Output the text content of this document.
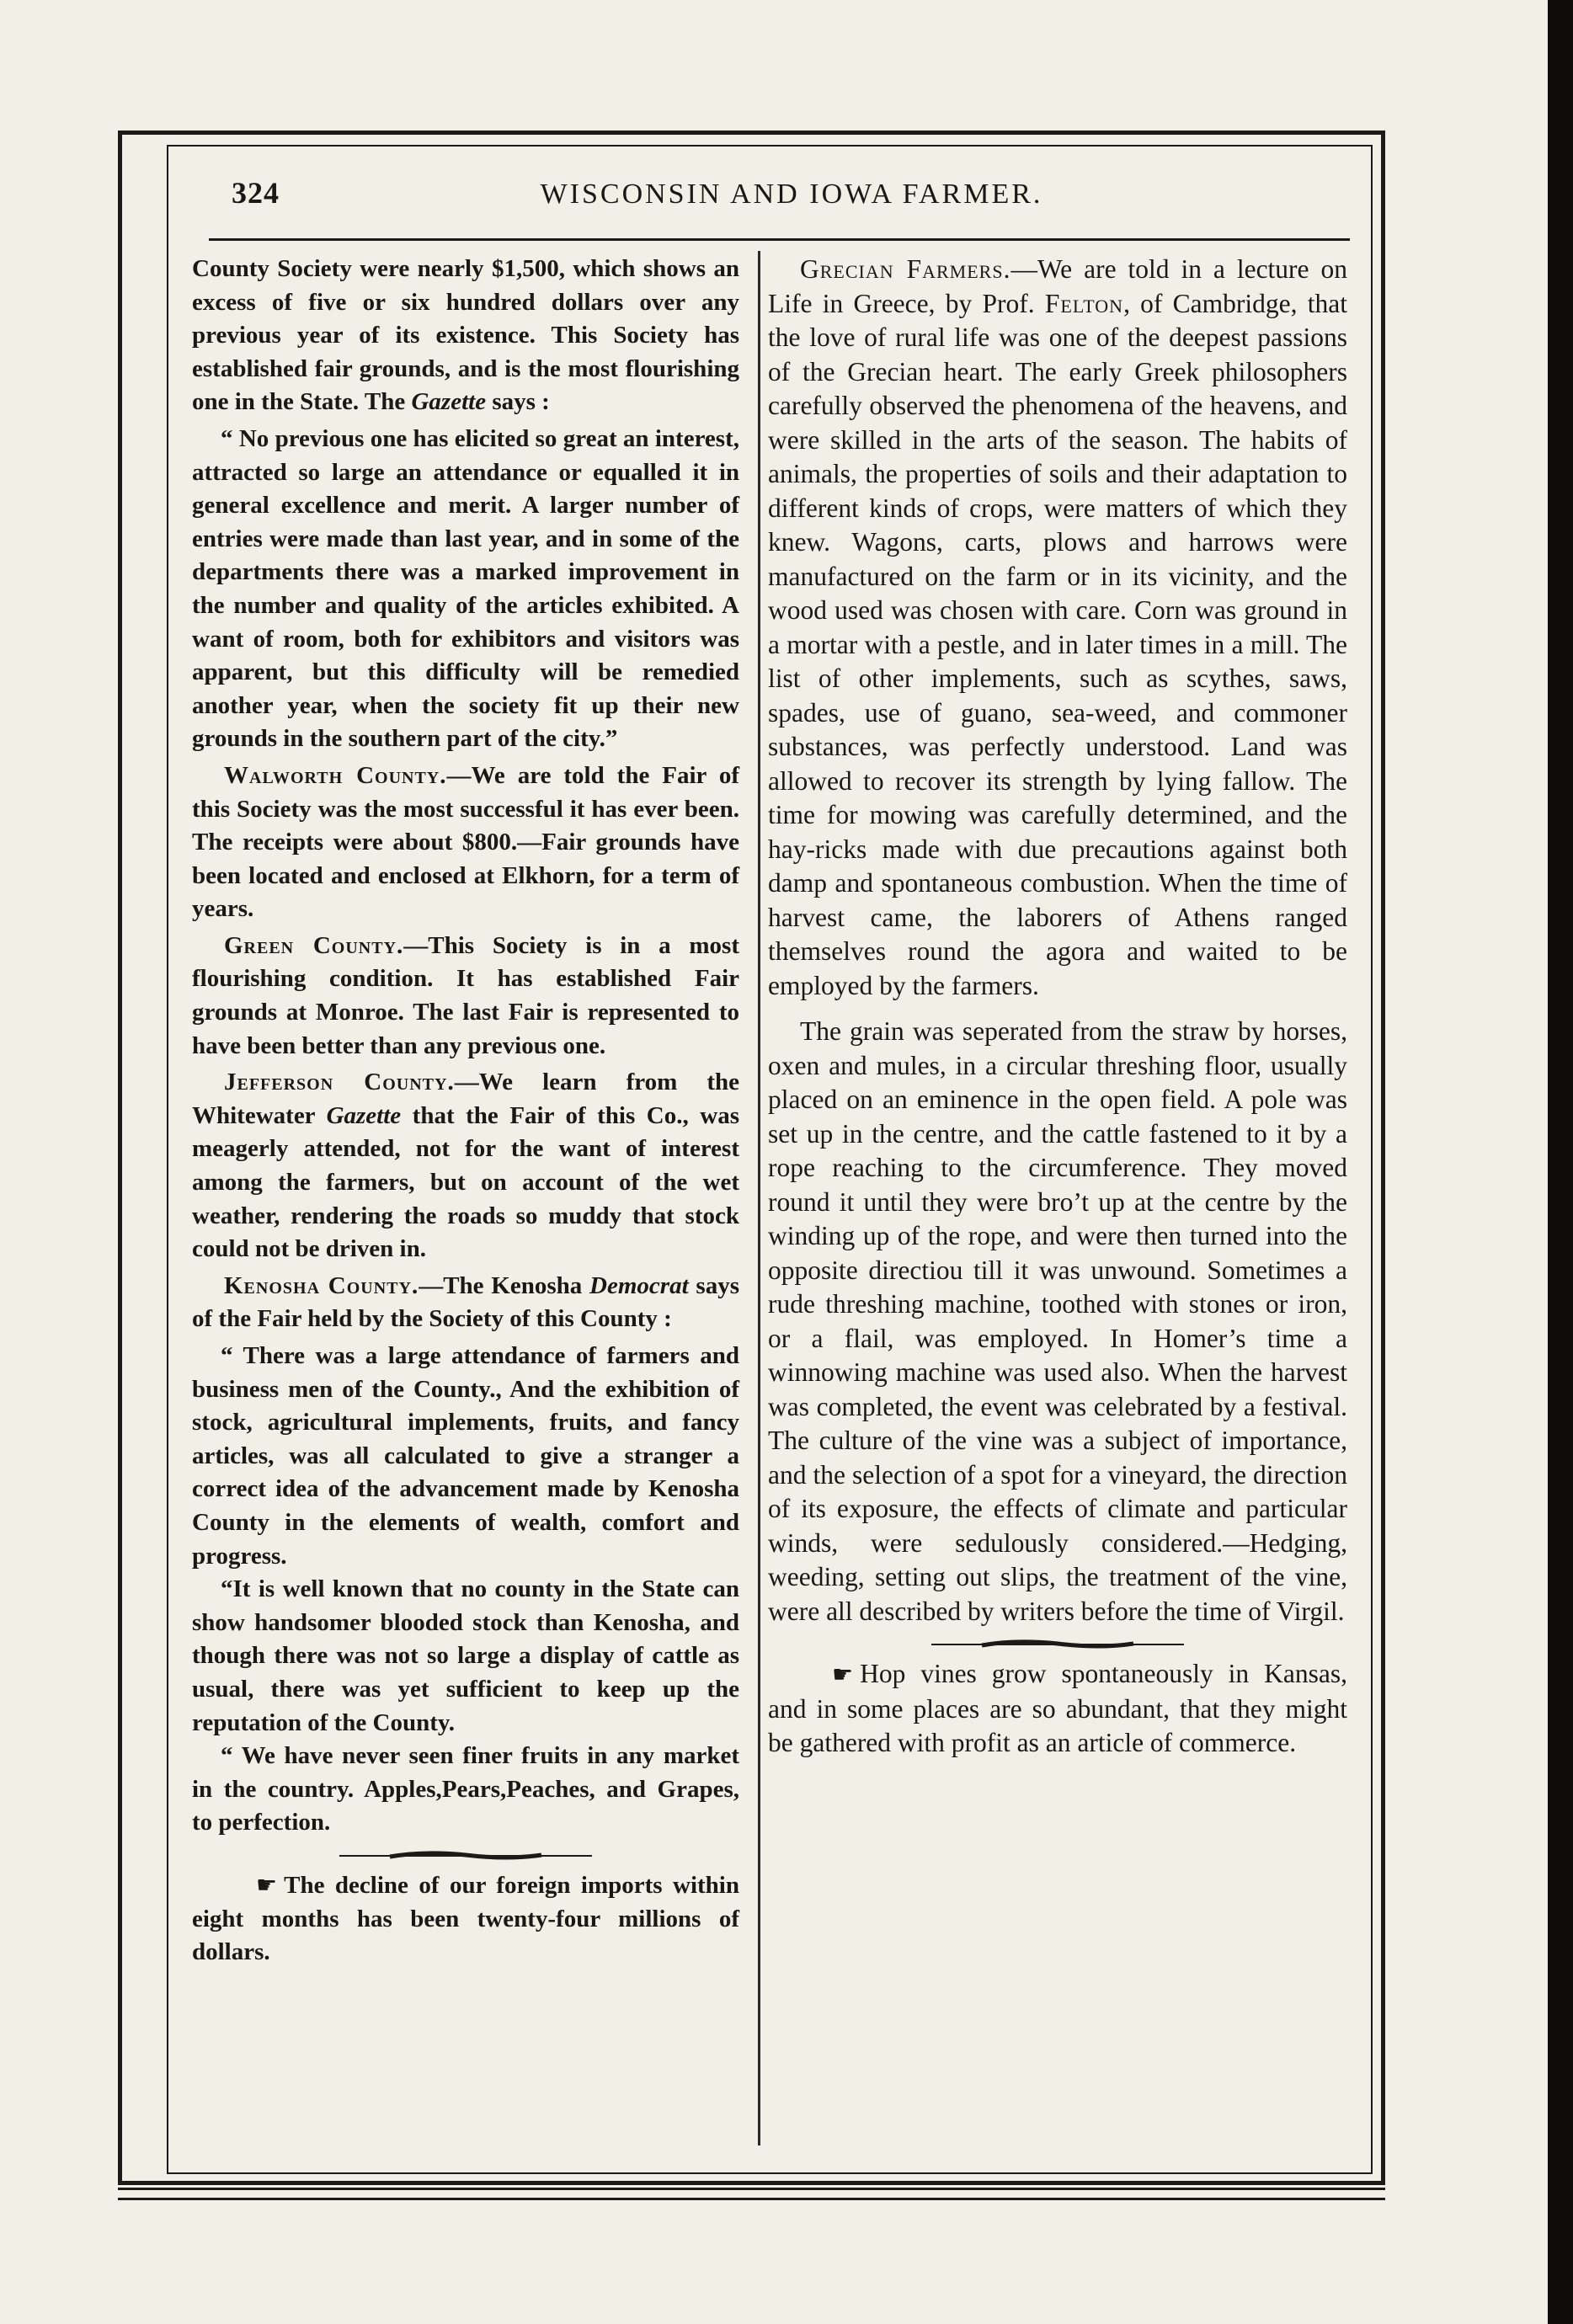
324	WISCONSIN AND IOWA FARMER.

County Society were nearly $1,500, which shows an excess of five or six hundred dollars over any previous year of its existence. This Society has established fair grounds, and is the most flourishing one in the State. The Gazette says :

“ No previous one has elicited so great an interest, attracted so large an attendance or equalled it in general excellence and merit. A larger number of entries were made than last year, and in some of the departments there was a marked improvement in the number and quality of the articles exhibited. A want of room, both for exhibitors and visitors was apparent, but this difficulty will be remedied another year, when the society fit up their new grounds in the southern part of the city.”

Walworth County.—We are told the Fair of this Society was the most successful it has ever been. The receipts were about $800.—Fair grounds have been located and enclosed at Elkhorn, for a term of years.

Green County.—This Society is in a most flourishing condition. It has established Fair grounds at Monroe. The last Fair is represented to have been better than any previous one.

Jefferson County.—We learn from the Whitewater Gazette that the Fair of this Co., was meagerly attended, not for the want of interest among the farmers, but on account of the wet weather, rendering the roads so muddy that stock could not be driven in.

Kenosha County.—The Kenosha Democrat says of the Fair held by the Society of this County :

“ There was a large attendance of farmers and business men of the County., And the exhibition of stock, agricultural implements, fruits, and fancy articles, was all calculated to give a stranger a correct idea of the advancement made by Kenosha County in the elements of wealth, comfort and progress.

“It is well known that no county in the State can show handsomer blooded stock than Kenosha, and though there was not so large a display of cattle as usual, there was yet sufficient to keep up the reputation of the County.

“ We have never seen finer fruits in any market in the country. Apples,Pears,Peaches, and Grapes, to perfection.

☛ The decline of our foreign imports within eight months has been twenty-four millions of dollars.

Grecian Farmers.—We are told in a lecture on Life in Greece, by Prof. Felton, of Cambridge, that the love of rural life was one of the deepest passions of the Grecian heart. The early Greek philosophers carefully observed the phenomena of the heavens, and were skilled in the arts of the season. The habits of animals, the properties of soils and their adaptation to different kinds of crops, were matters of which they knew. Wagons, carts, plows and harrows were manufactured on the farm or in its vicinity, and the wood used was chosen with care. Corn was ground in a mortar with a pestle, and in later times in a mill. The list of other implements, such as scythes, saws, spades, use of guano, sea-weed, and commoner substances, was perfectly understood. Land was allowed to recover its strength by lying fallow. The time for mowing was carefully determined, and the hay-ricks made with due precautions against both damp and spontaneous combustion. When the time of harvest came, the laborers of Athens ranged themselves round the agora and waited to be employed by the farmers.

The grain was seperated from the straw by horses, oxen and mules, in a circular threshing floor, usually placed on an eminence in the open field. A pole was set up in the centre, and the cattle fastened to it by a rope reaching to the circumference. They moved round it until they were bro’t up at the centre by the winding up of the rope, and were then turned into the opposite directiou till it was unwound. Sometimes a rude threshing machine, toothed with stones or iron, or a flail, was employed. In Homer’s time a winnowing machine was used also. When the harvest was completed, the event was celebrated by a festival. The culture of the vine was a subject of importance, and the selection of a spot for a vineyard, the direction of its exposure, the effects of climate and particular winds, were sedulously considered.—Hedging, weeding, setting out slips, the treatment of the vine, were all described by writers before the time of Virgil.

☛ Hop vines grow spontaneously in Kansas, and in some places are so abundant, that they might be gathered with profit as an article of commerce.
